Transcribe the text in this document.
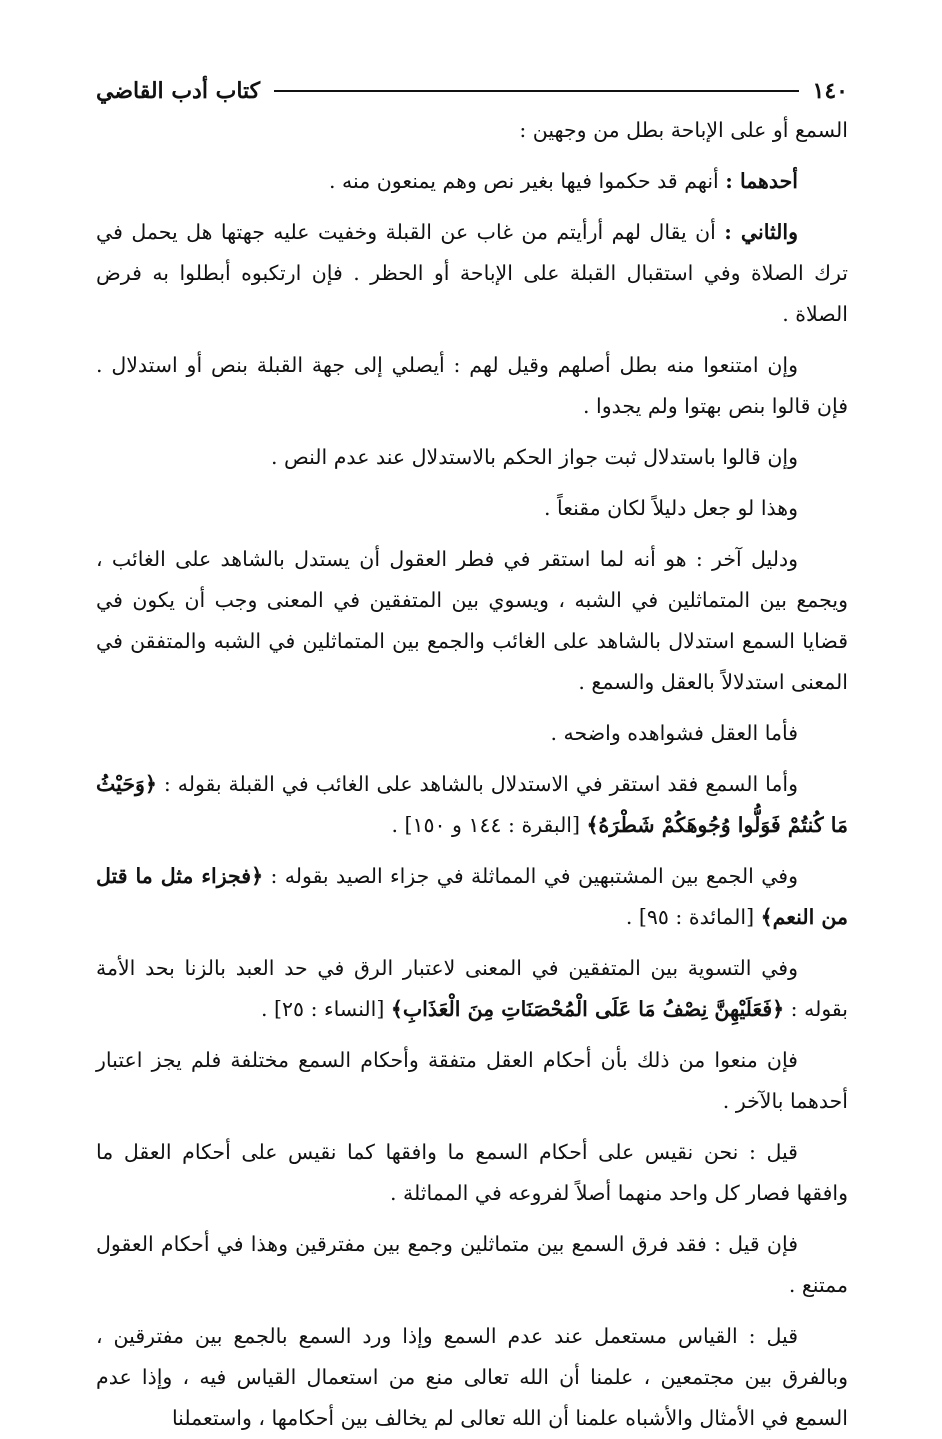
١٤٠
كتاب أدب القاضي

السمع أو على الإباحة بطل من وجهين :

أحدهما : أنهم قد حكموا فيها بغير نص وهم يمنعون منه .

والثاني : أن يقال لهم أرأيتم من غاب عن القبلة وخفيت عليه جهتها هل يحمل في ترك الصلاة وفي استقبال القبلة على الإباحة أو الحظر . فإن ارتكبوه أبطلوا به فرض الصلاة .

وإن امتنعوا منه بطل أصلهم وقيل لهم : أيصلي إلى جهة القبلة بنص أو استدلال . فإن قالوا بنص بهتوا ولم يجدوا .

وإن قالوا باستدلال ثبت جواز الحكم بالاستدلال عند عدم النص .

وهذا لو جعل دليلاً لكان مقنعاً .

ودليل آخر : هو أنه لما استقر في فطر العقول أن يستدل بالشاهد على الغائب ، ويجمع بين المتماثلين في الشبه ، ويسوي بين المتفقين في المعنى وجب أن يكون في قضايا السمع استدلال بالشاهد على الغائب والجمع بين المتماثلين في الشبه والمتفقن في المعنى استدلالاً بالعقل والسمع .

فأما العقل فشواهده واضحه .

وأما السمع فقد استقر في الاستدلال بالشاهد على الغائب في القبلة بقوله : ﴿وَحَيْثُ مَا كُنتُمْ فَوَلُّوا وُجُوهَكُمْ شَطْرَهُ﴾ [البقرة : ١٤٤ و ١٥٠] .

وفي الجمع بين المشتبهين في المماثلة في جزاء الصيد بقوله : ﴿فجزاء مثل ما قتل من النعم﴾ [المائدة : ٩٥] .

وفي التسوية بين المتفقين في المعنى لاعتبار الرق في حد العبد بالزنا بحد الأمة بقوله : ﴿فَعَلَيْهِنَّ نِصْفُ مَا عَلَى الْمُحْصَنَاتِ مِنَ الْعَذَابِ﴾ [النساء : ٢٥] .

فإن منعوا من ذلك بأن أحكام العقل متفقة وأحكام السمع مختلفة فلم يجز اعتبار أحدهما بالآخر .

قيل : نحن نقيس على أحكام السمع ما وافقها كما نقيس على أحكام العقل ما وافقها فصار كل واحد منهما أصلاً لفروعه في المماثلة .

فإن قيل : فقد فرق السمع بين متماثلين وجمع بين مفترقين وهذا في أحكام العقول ممتنع .

قيل : القياس مستعمل عند عدم السمع وإذا ورد السمع بالجمع بين مفترقين ، وبالفرق بين مجتمعين ، علمنا أن الله تعالى منع من استعمال القياس فيه ، وإذا عدم السمع في الأمثال والأشباه علمنا أن الله تعالى لم يخالف بين أحكامها ، واستعملنا
